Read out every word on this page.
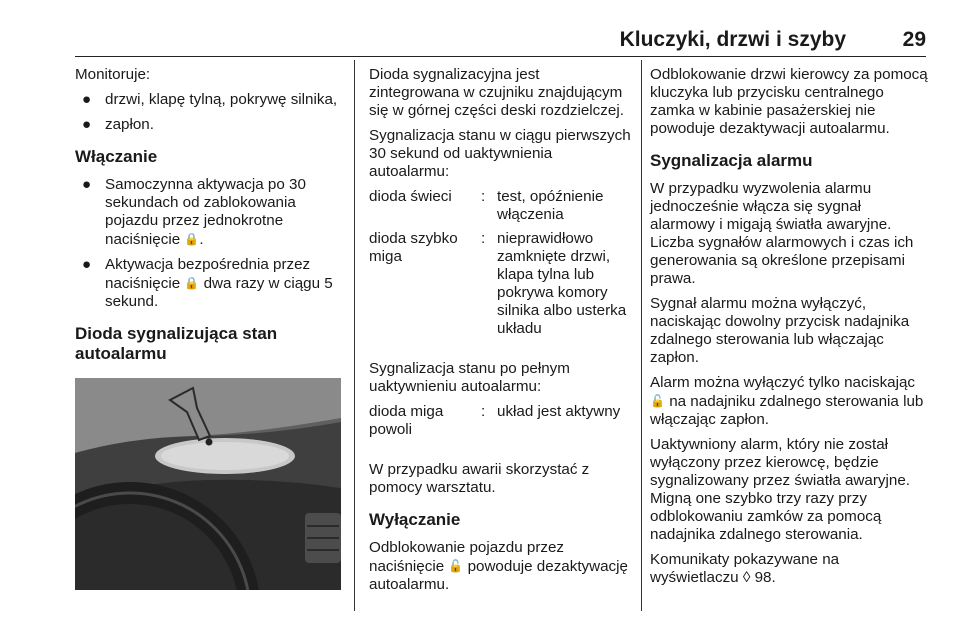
Kluczyki, drzwi i szyby	29

Monitoruje:

● drzwi, klapę tylną, pokrywę silnika,
● zapłon.
Włączanie
● Samoczynna aktywacja po 30 sekundach od zablokowania pojazdu przez jednokrotne naciśnięcie 🔒.
● Aktywacja bezpośrednia przez naciśnięcie 🔒 dwa razy w ciągu 5 sekund.
Dioda sygnalizująca stan autoalarmu

Dioda sygnalizacyjna jest zintegrowana w czujniku znajdującym się w górnej części deski rozdzielczej.

Sygnalizacja stanu w ciągu pierwszych 30 sekund od uaktywnienia autoalarmu:

dioda świeci	:	test, opóźnienie włączenia
dioda szybko miga	:	nieprawidłowo zamknięte drzwi, klapa tylna lub pokrywa komory silnika albo usterka układu

Sygnalizacja stanu po pełnym uaktywnieniu autoalarmu:

dioda miga powoli	:	układ jest aktywny

W przypadku awarii skorzystać z pomocy warsztatu.

Wyłączanie

Odblokowanie pojazdu przez naciśnięcie 🔓 powoduje dezaktywację autoalarmu.

Odblokowanie drzwi kierowcy za pomocą kluczyka lub przycisku centralnego zamka w kabinie pasażerskiej nie powoduje dezaktywacji autoalarmu.

Sygnalizacja alarmu

W przypadku wyzwolenia alarmu jednocześnie włącza się sygnał alarmowy i migają światła awaryjne. Liczba sygnałów alarmowych i czas ich generowania są określone przepisami prawa.

Sygnał alarmu można wyłączyć, naciskając dowolny przycisk nadajnika zdalnego sterowania lub włączając zapłon.

Alarm można wyłączyć tylko naciskając 🔓 na nadajniku zdalnego sterowania lub włączając zapłon.

Uaktywniony alarm, który nie został wyłączony przez kierowcę, będzie sygnalizowany przez światła awaryjne. Migną one szybko trzy razy przy odblokowaniu zamków za pomocą nadajnika zdalnego sterowania.

Komunikaty pokazywane na wyświetlaczu ◊ 98.
